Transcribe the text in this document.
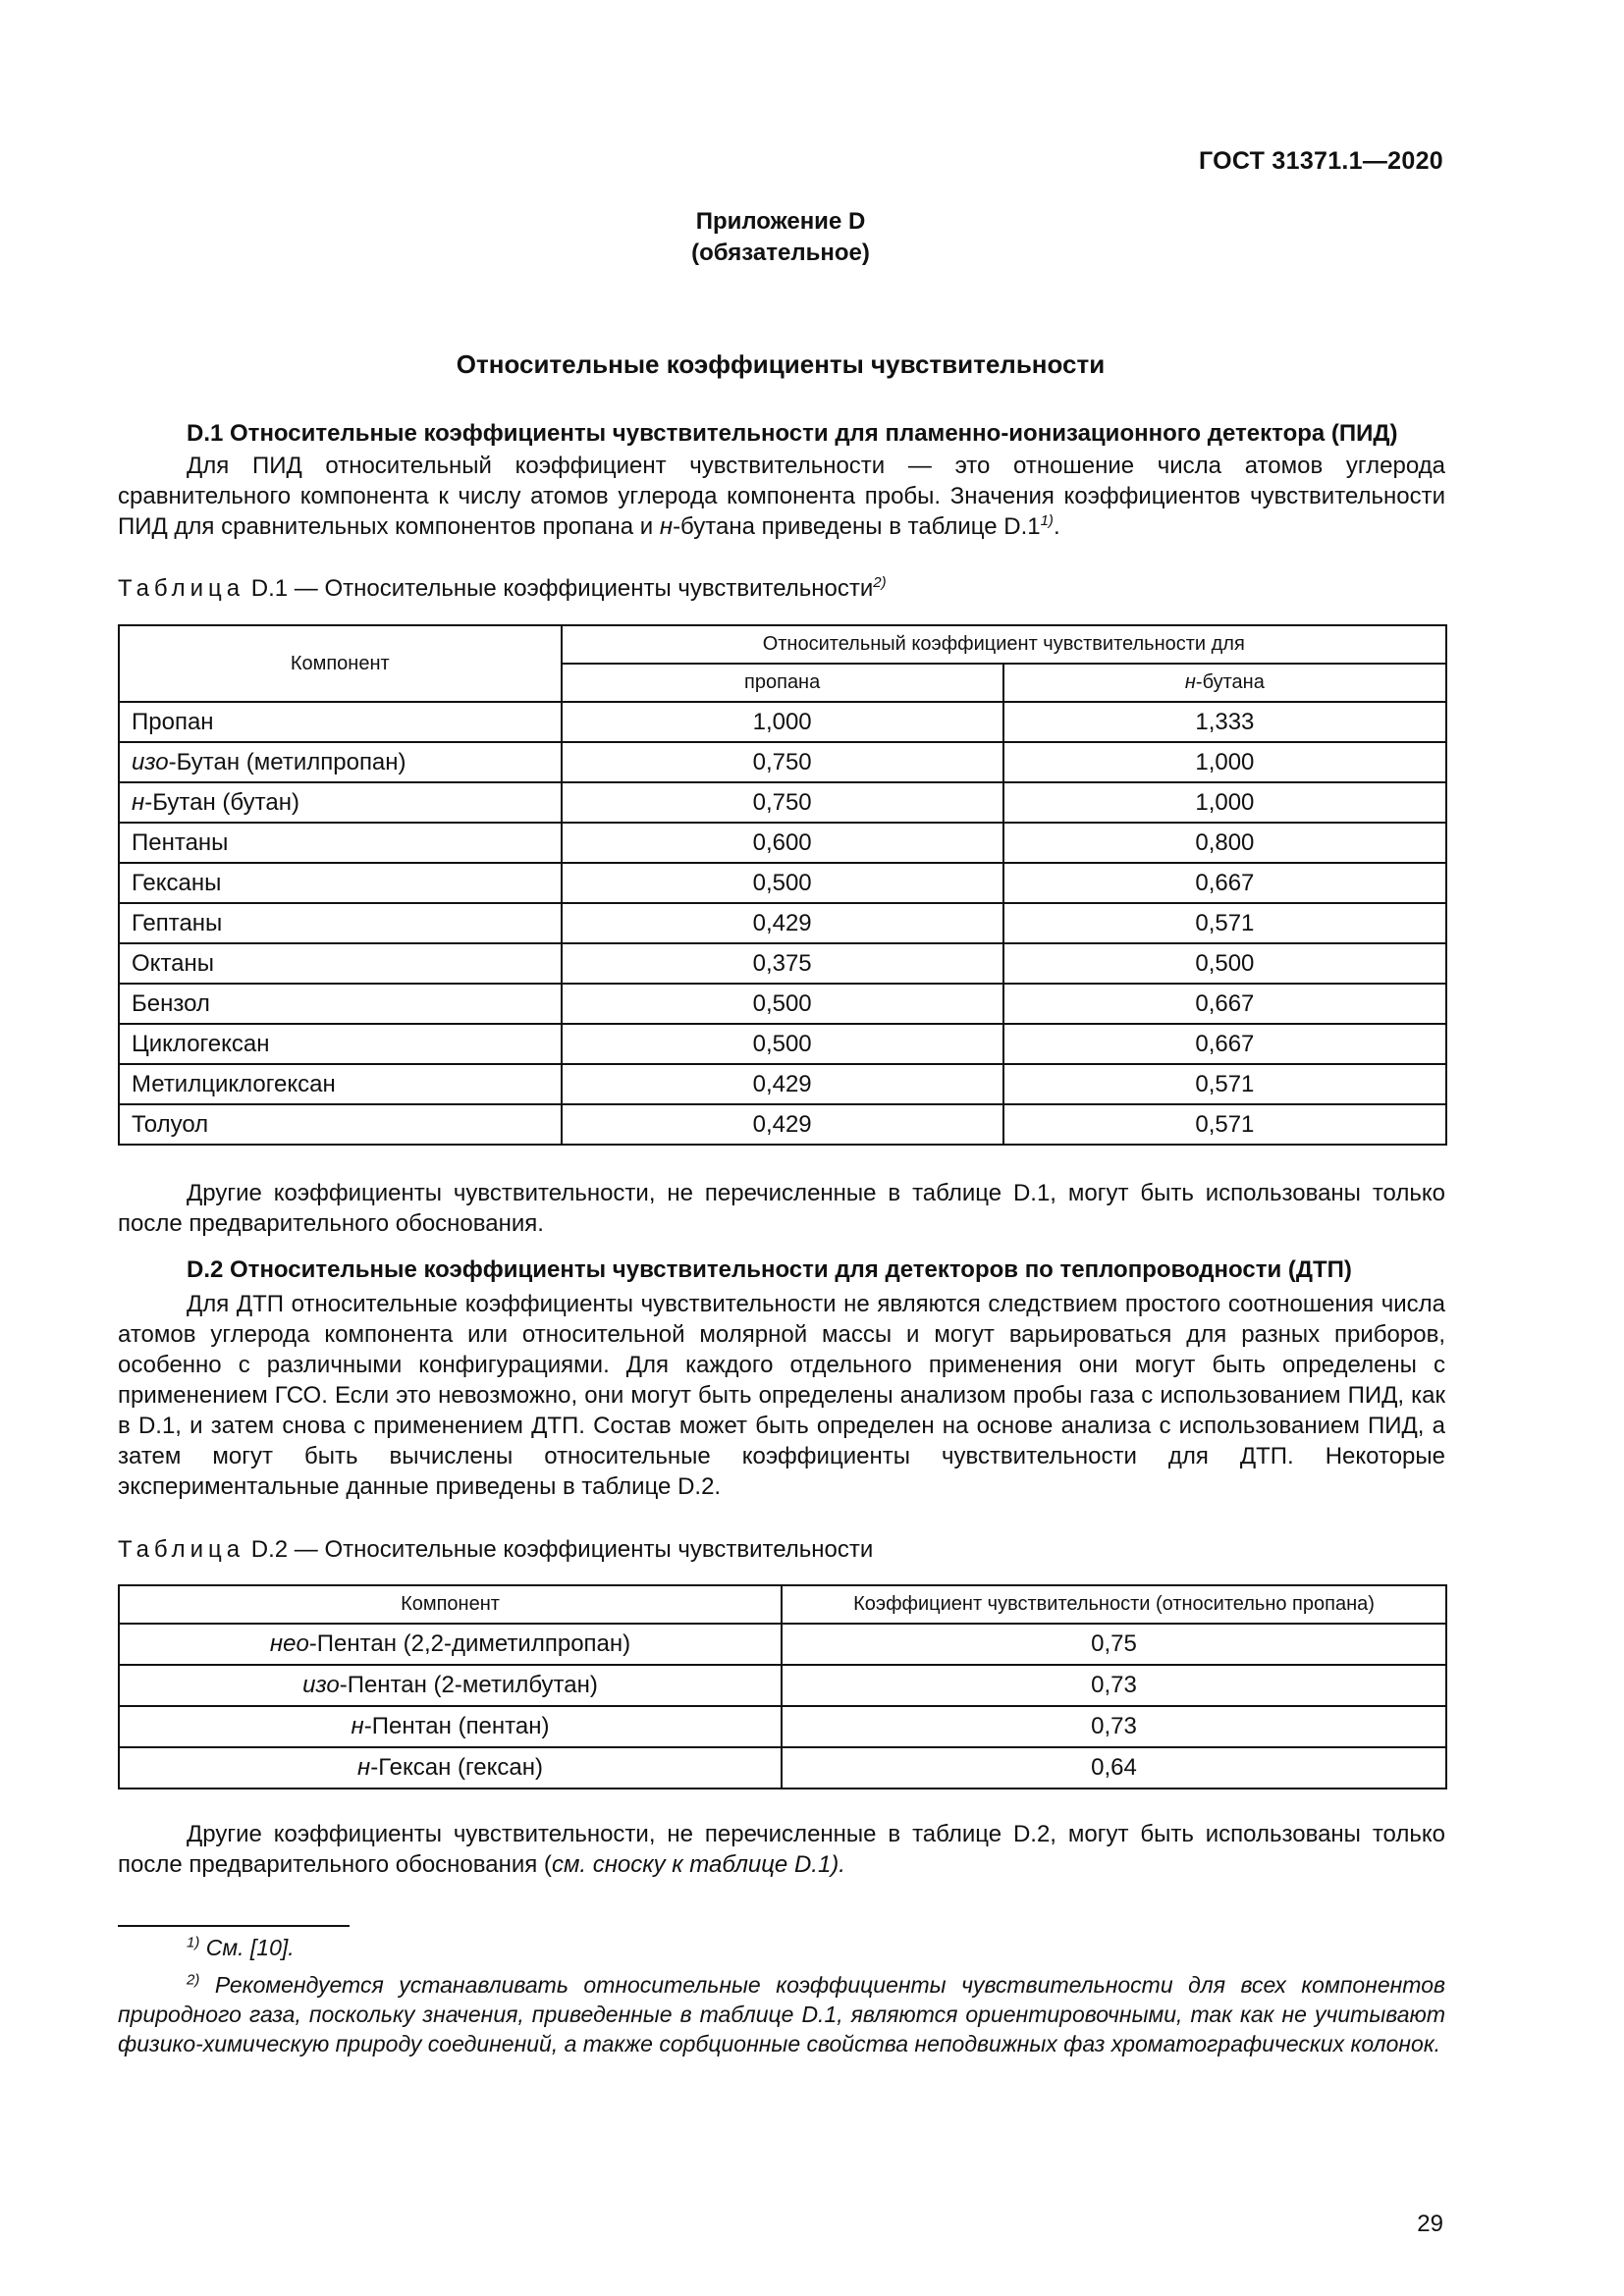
ГОСТ 31371.1—2020
Приложение D
(обязательное)
Относительные коэффициенты чувствительности
D.1 Относительные коэффициенты чувствительности для пламенно-ионизационного детектора (ПИД)
Для ПИД относительный коэффициент чувствительности — это отношение числа атомов углерода сравнительного компонента к числу атомов углерода компонента пробы. Значения коэффициентов чувствительности ПИД для сравнительных компонентов пропана и н-бутана приведены в таблице D.1$^{1)}$.
Таблица D.1 — Относительные коэффициенты чувствительности$^{2)}$
Компонент	Относительный коэффициент чувствительности для	
	пропана	н-бутана
Пропан	1,000	1,333
изо-Бутан (метилпропан)	0,750	1,000
н-Бутан (бутан)	0,750	1,000
Пентаны	0,600	0,800
Гексаны	0,500	0,667
Гептаны	0,429	0,571
Октаны	0,375	0,500
Бензол	0,500	0,667
Циклогексан	0,500	0,667
Метилциклогексан	0,429	0,571
Толуол	0,429	0,571
Другие коэффициенты чувствительности, не перечисленные в таблице D.1, могут быть использованы только после предварительного обоснования.
D.2 Относительные коэффициенты чувствительности для детекторов по теплопроводности (ДТП)
Для ДТП относительные коэффициенты чувствительности не являются следствием простого соотношения числа атомов углерода компонента или относительной молярной массы и могут варьироваться для разных приборов, особенно с различными конфигурациями. Для каждого отдельного применения они могут быть определены с применением ГСО. Если это невозможно, они могут быть определены анализом пробы газа с использованием ПИД, как в D.1, и затем снова с применением ДТП. Состав может быть определен на основе анализа с использованием ПИД, а затем могут быть вычислены относительные коэффициенты чувствительности для ДТП. Некоторые экспериментальные данные приведены в таблице D.2.
Таблица D.2 — Относительные коэффициенты чувствительности
Компонент	Коэффициент чувствительности (относительно пропана)
нео-Пентан (2,2-диметилпропан)	0,75
изо-Пентан (2-метилбутан)	0,73
н-Пентан (пентан)	0,73
н-Гексан (гексан)	0,64
Другие коэффициенты чувствительности, не перечисленные в таблице D.2, могут быть использованы только после предварительного обоснования (см. сноску к таблице D.1).
$^{1)}$ См. [10].
$^{2)}$ Рекомендуется устанавливать относительные коэффициенты чувствительности для всех компонентов природного газа, поскольку значения, приведенные в таблице D.1, являются ориентировочными, так как не учитывают физико-химическую природу соединений, а также сорбционные свойства неподвижных фаз хроматографических колонок.
29
